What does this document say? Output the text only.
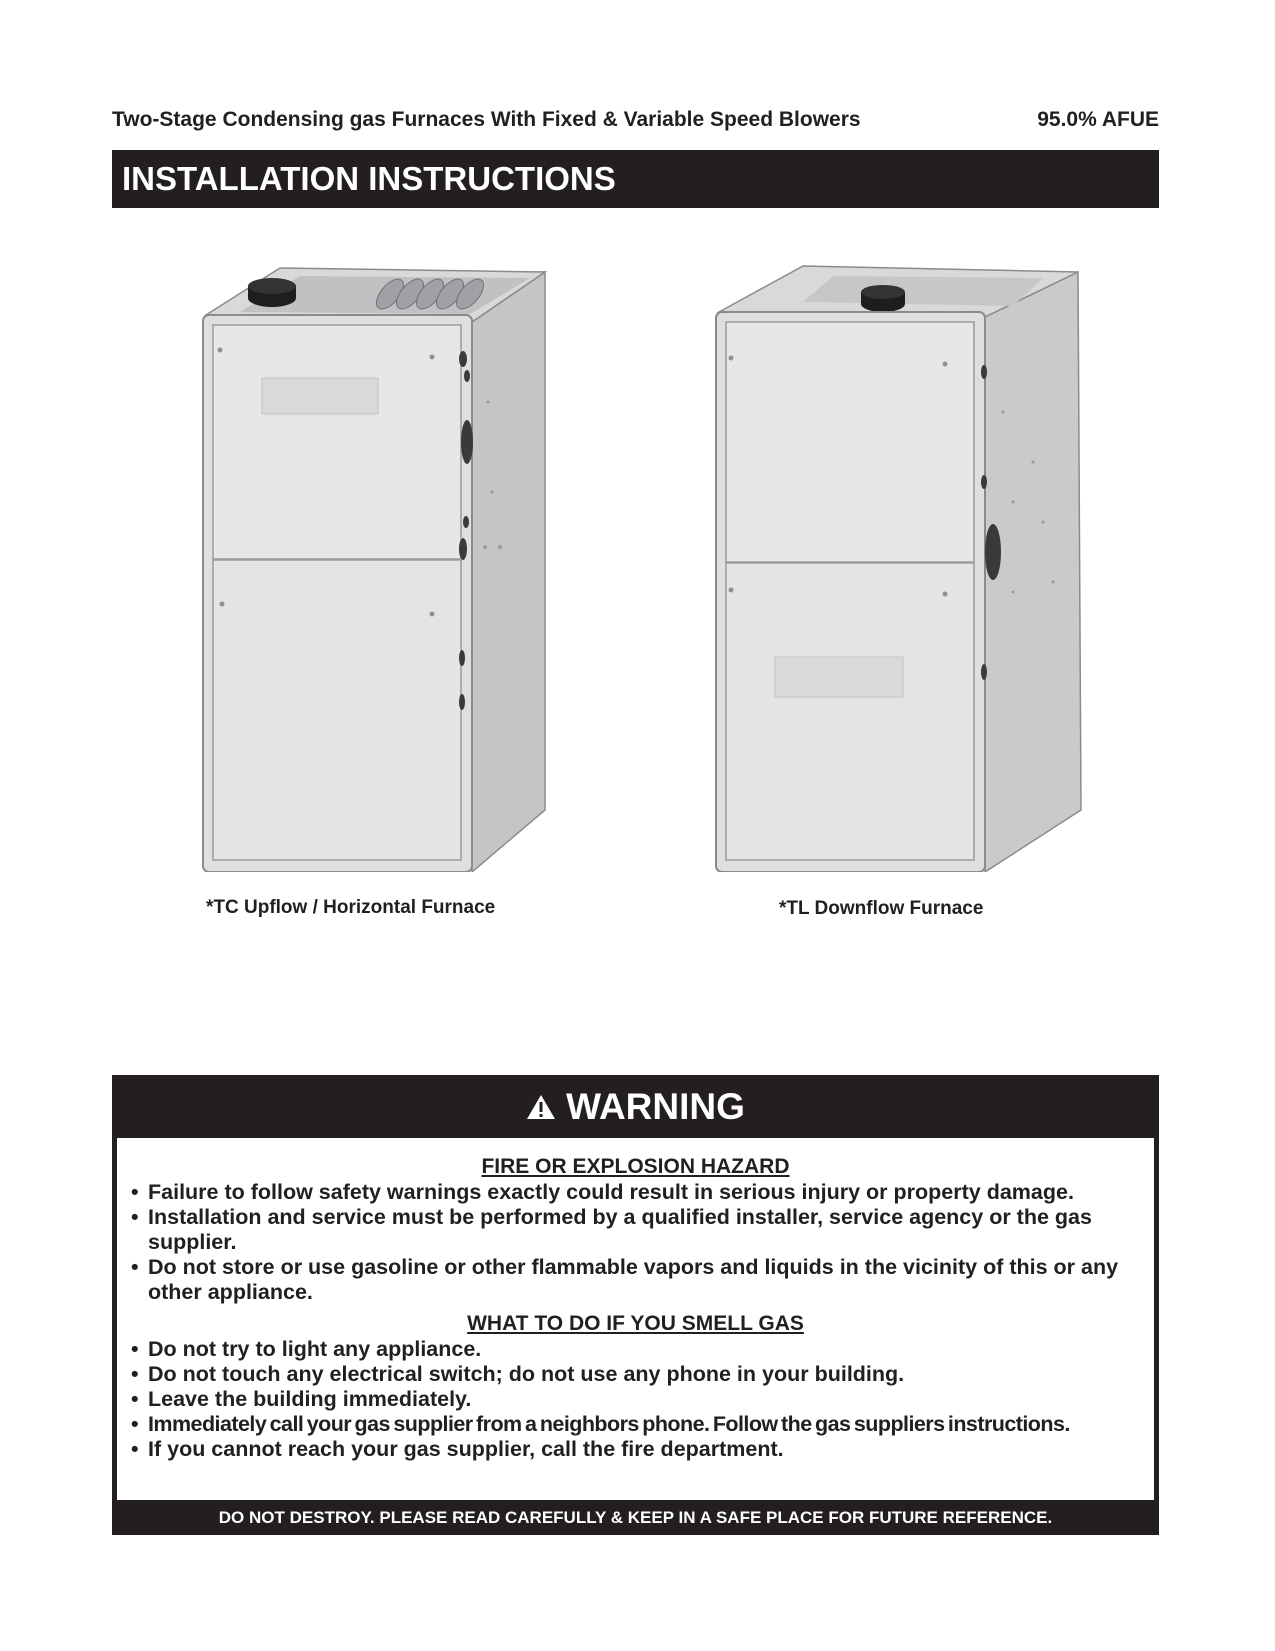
Two-Stage Condensing gas Furnaces With Fixed & Variable Speed Blowers	95.0% AFUE
INSTALLATION INSTRUCTIONS
*TC Upflow / Horizontal Furnace	*TL Downflow Furnace
WARNING
FIRE OR EXPLOSION HAZARD
• Failure to follow safety warnings exactly could result in serious injury or property damage.
• Installation and service must be performed by a qualified installer, service agency or the gas supplier.
• Do not store or use gasoline or other flammable vapors and liquids in the vicinity of this or any other appliance.
WHAT TO DO IF YOU SMELL GAS
• Do not try to light any appliance.
• Do not touch any electrical switch; do not use any phone in your building.
• Leave the building immediately.
• Immediately call your gas supplier from a neighbors phone. Follow the gas suppliers instructions.
• If you cannot reach your gas supplier, call the fire department.
DO NOT DESTROY. PLEASE READ CAREFULLY & KEEP IN A SAFE PLACE FOR FUTURE REFERENCE.
